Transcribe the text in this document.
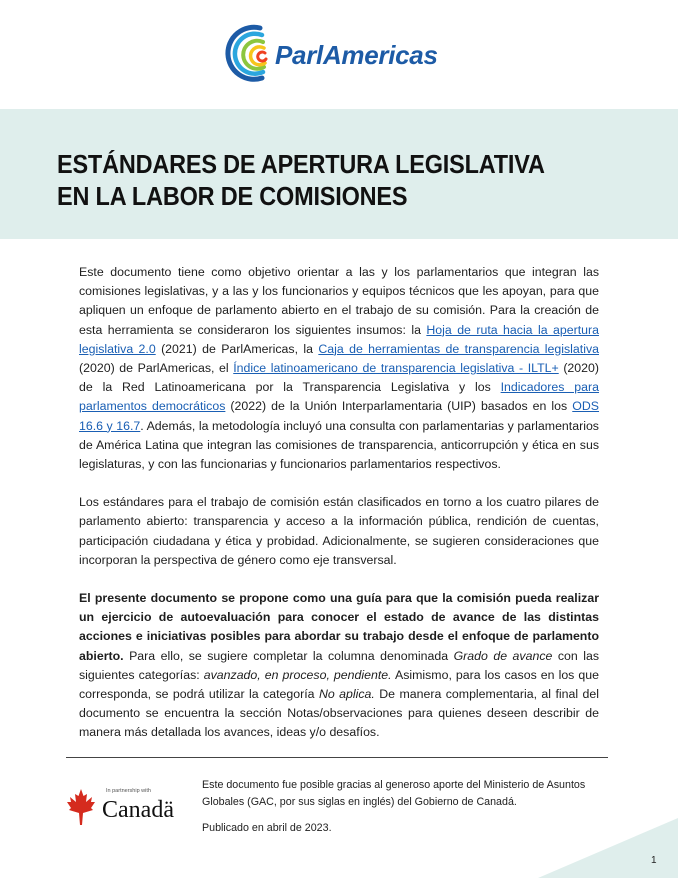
ParlAmericas
ESTÁNDARES DE APERTURA LEGISLATIVA
EN LA LABOR DE COMISIONES

Este documento tiene como objetivo orientar a las y los parlamentarios que integran las comisiones legislativas, y a las y los funcionarios y equipos técnicos que les apoyan, para que apliquen un enfoque de parlamento abierto en el trabajo de su comisión. Para la creación de esta herramienta se consideraron los siguientes insumos: la Hoja de ruta hacia la apertura legislativa 2.0 (2021) de ParlAmericas, la Caja de herramientas de transparencia legislativa (2020) de ParlAmericas, el Índice latinoamericano de transparencia legislativa - ILTL+ (2020) de la Red Latinoamericana por la Transparencia Legislativa y los Indicadores para parlamentos democráticos (2022) de la Unión Interparlamentaria (UIP) basados en los ODS 16.6 y 16.7. Además, la metodología incluyó una consulta con parlamentarias y parlamentarios de América Latina que integran las comisiones de transparencia, anticorrupción y ética en sus legislaturas, y con las funcionarias y funcionarios parlamentarios respectivos.

Los estándares para el trabajo de comisión están clasificados en torno a los cuatro pilares de parlamento abierto: transparencia y acceso a la información pública, rendición de cuentas, participación ciudadana y ética y probidad. Adicionalmente, se sugieren consideraciones que incorporan la perspectiva de género como eje transversal.

El presente documento se propone como una guía para que la comisión pueda realizar un ejercicio de autoevaluación para conocer el estado de avance de las distintas acciones e iniciativas posibles para abordar su trabajo desde el enfoque de parlamento abierto. Para ello, se sugiere completar la columna denominada Grado de avance con las siguientes categorías: avanzado, en proceso, pendiente. Asimismo, para los casos en los que corresponda, se podrá utilizar la categoría No aplica. De manera complementaria, al final del documento se encuentra la sección Notas/observaciones para quienes deseen describir de manera más detallada los avances, ideas y/o desafíos.

In partnership with
Canadä

Este documento fue posible gracias al generoso aporte del Ministerio de Asuntos Globales (GAC, por sus siglas en inglés) del Gobierno de Canadá.

Publicado en abril de 2023.

1
